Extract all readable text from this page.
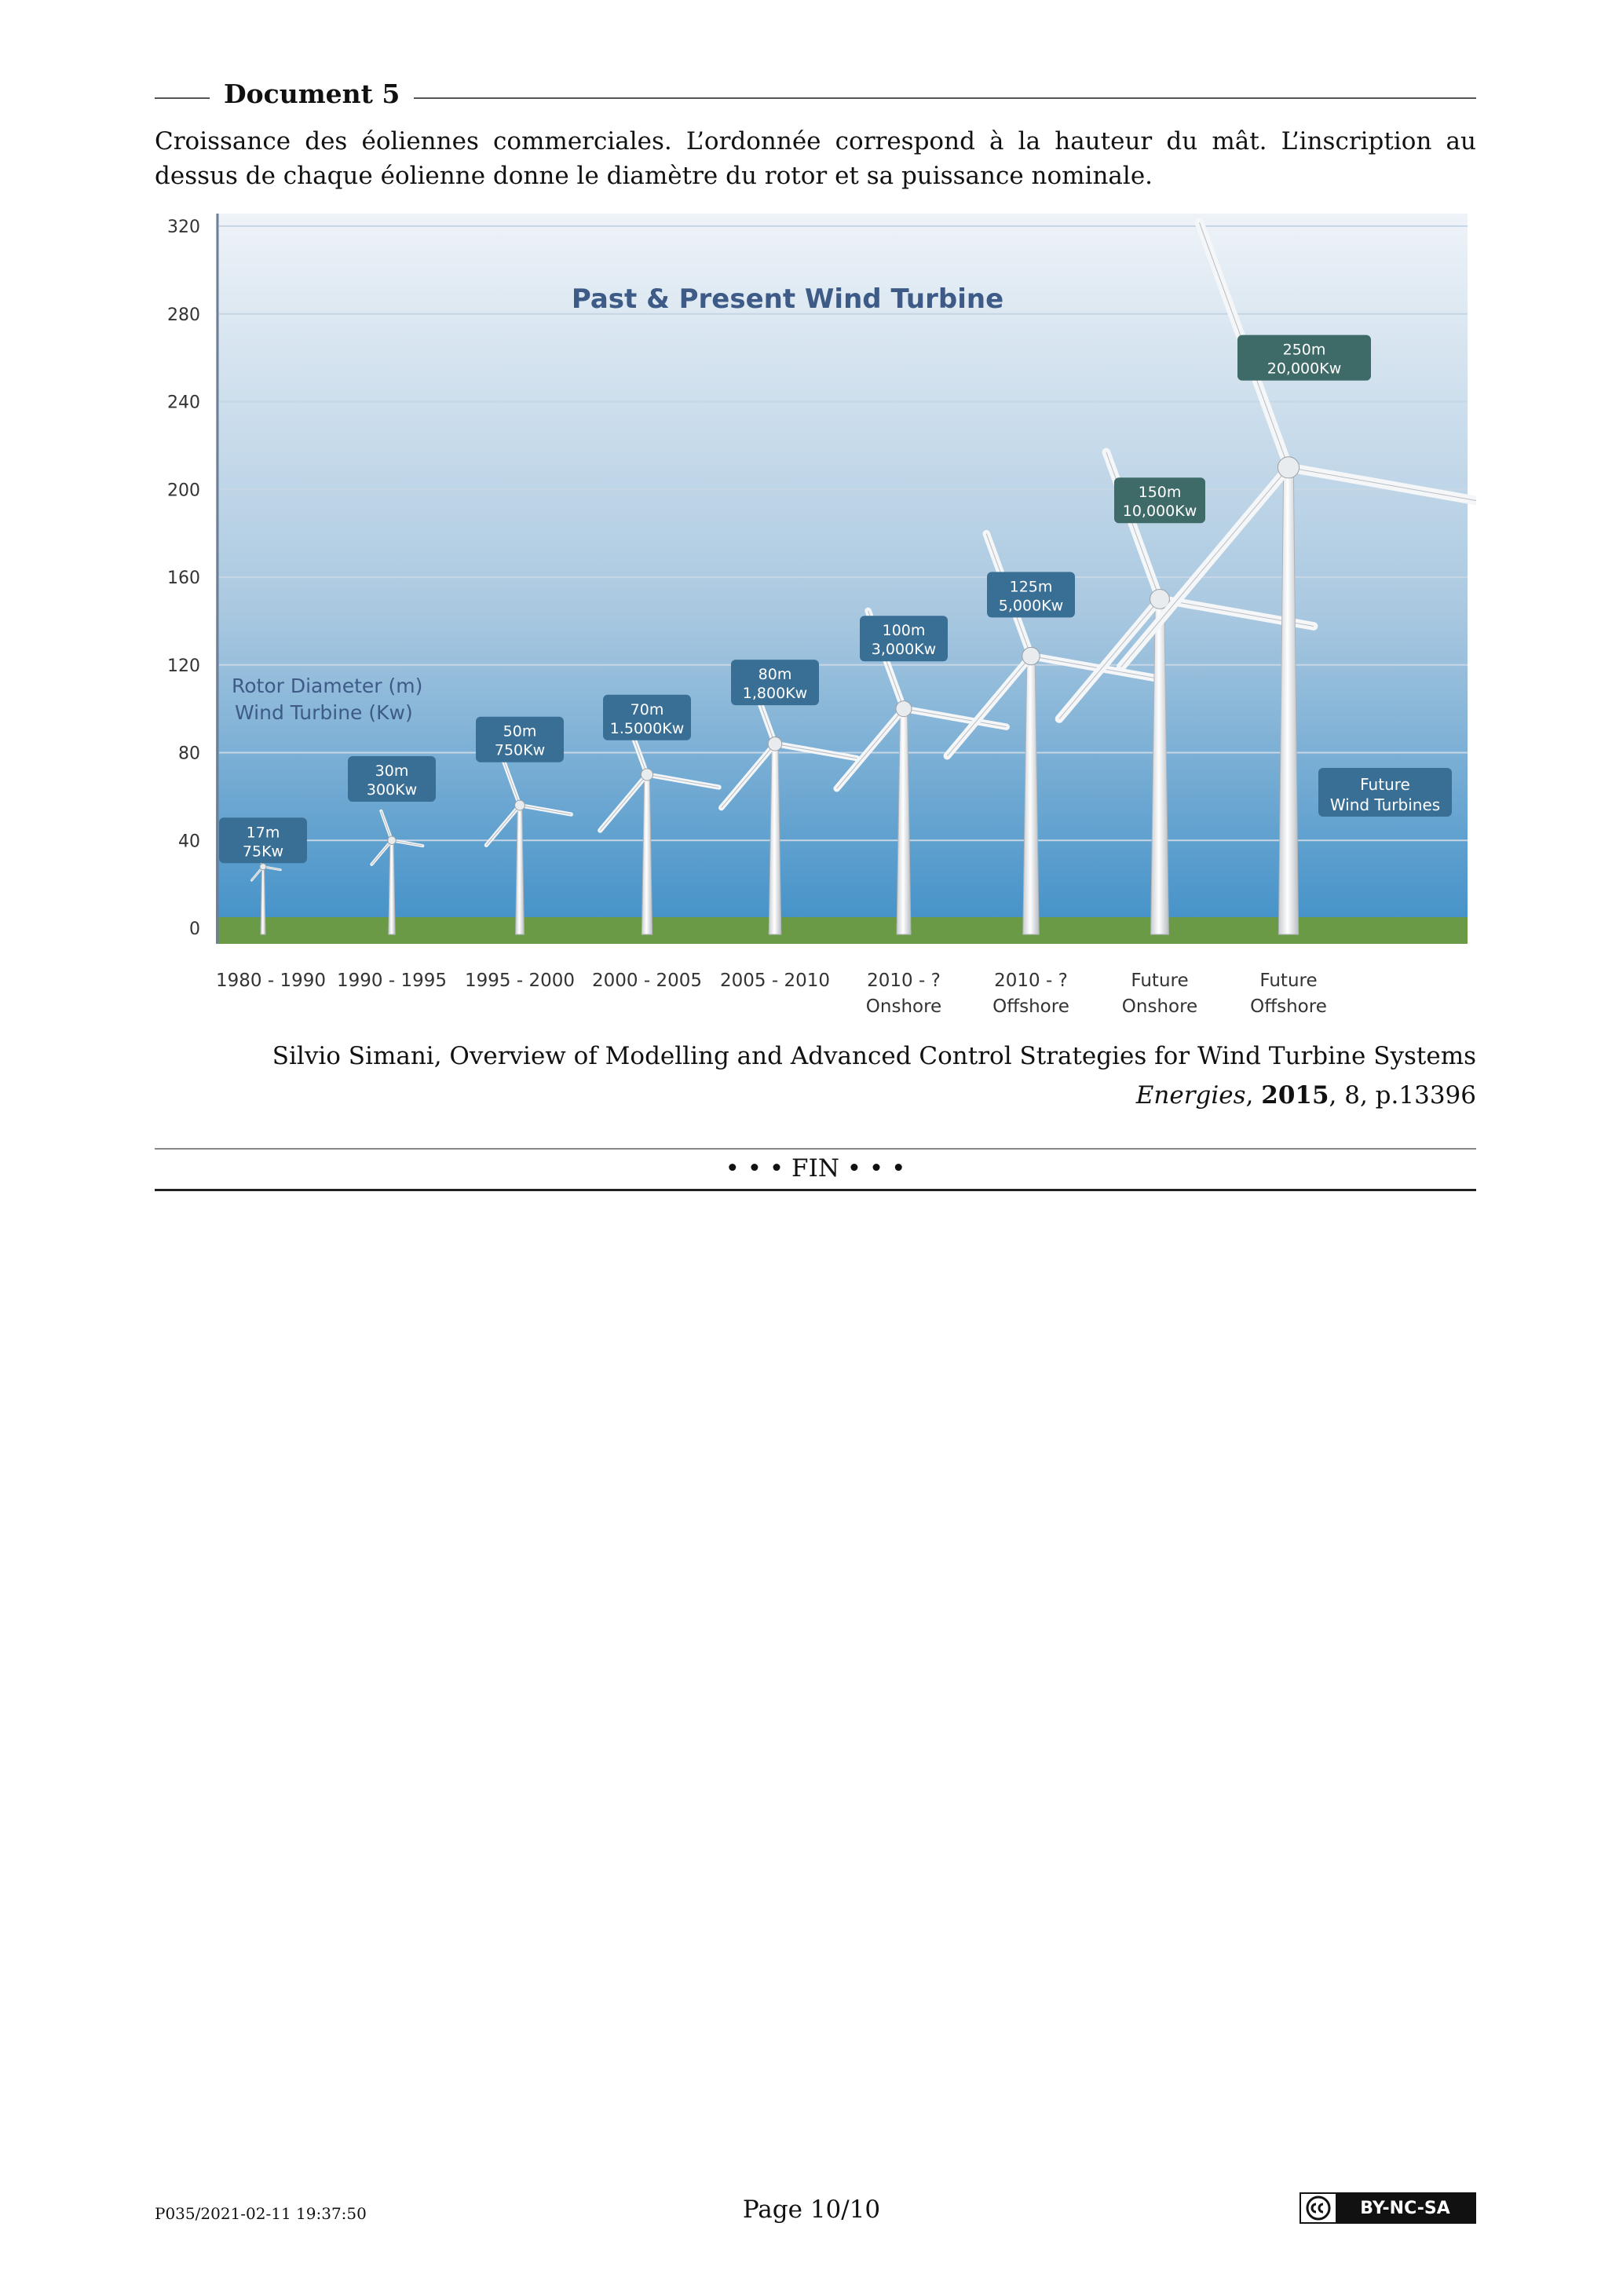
Document 5

Croissance des éoliennes commerciales. L’ordonnée correspond à la hauteur du mât. L’inscription au dessus de chaque éolienne donne le diamètre du rotor et sa puissance nominale.

0
40
80
120
160
200
240
280
320
17m
75Kw
30m
300Kw
50m
750Kw
70m
1.5000Kw
80m
1,800Kw
100m
3,000Kw
125m
5,000Kw
150m
10,000Kw
250m
20,000Kw
1980 - 1990 1990 - 1995 1995 - 2000 2000 - 2005 2005 - 2010 2010 - ?
Onshore
2010 - ?
Offshore
Future
Onshore
Future
Offshore
Past & Present Wind Turbine
Rotor Diameter (m)
Wind Turbine (Kw)
Future
Wind Turbines
Silvio Simani, Overview of Modelling and Advanced Control Strategies for Wind Turbine Systems
Energies, 2015, 8, p.13396
• • • FIN • • •
P035/2021-02-11 19:37:50	Page 10/10	BY-NC-SA
